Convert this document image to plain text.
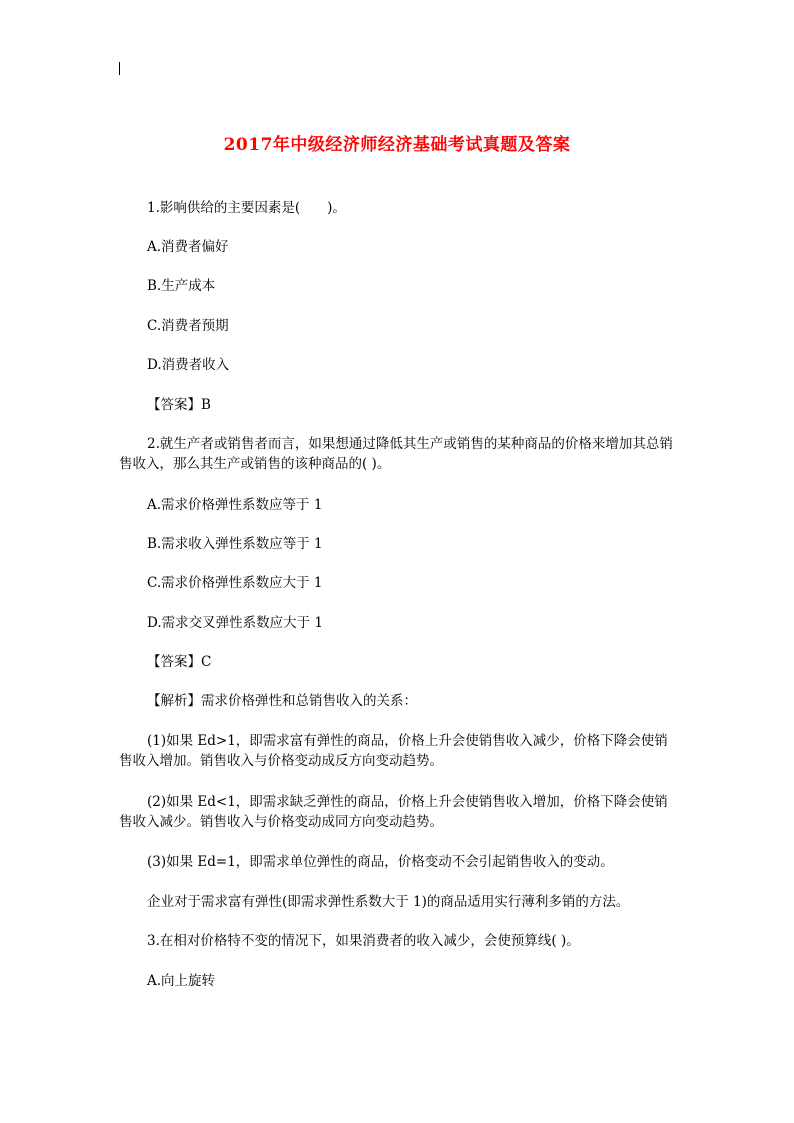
2017年中级经济师经济基础考试真题及答案
1.影响供给的主要因素是(　　)。
A.消费者偏好
B.生产成本
C.消费者预期
D.消费者收入
【答案】B
2.就生产者或销售者而言，如果想通过降低其生产或销售的某种商品的价格来增加其总销售收入，那么其生产或销售的该种商品的( )。
A.需求价格弹性系数应等于 1
B.需求收入弹性系数应等于 1
C.需求价格弹性系数应大于 1
D.需求交叉弹性系数应大于 1
【答案】C
【解析】需求价格弹性和总销售收入的关系：
(1)如果 Ed>1，即需求富有弹性的商品，价格上升会使销售收入减少，价格下降会使销售收入增加。销售收入与价格变动成反方向变动趋势。
(2)如果 Ed<1，即需求缺乏弹性的商品，价格上升会使销售收入增加，价格下降会使销售收入减少。销售收入与价格变动成同方向变动趋势。
(3)如果 Ed=1，即需求单位弹性的商品，价格变动不会引起销售收入的变动。
企业对于需求富有弹性(即需求弹性系数大于 1)的商品适用实行薄利多销的方法。
3.在相对价格特不变的情况下，如果消费者的收入减少，会使预算线( )。
A.向上旋转
